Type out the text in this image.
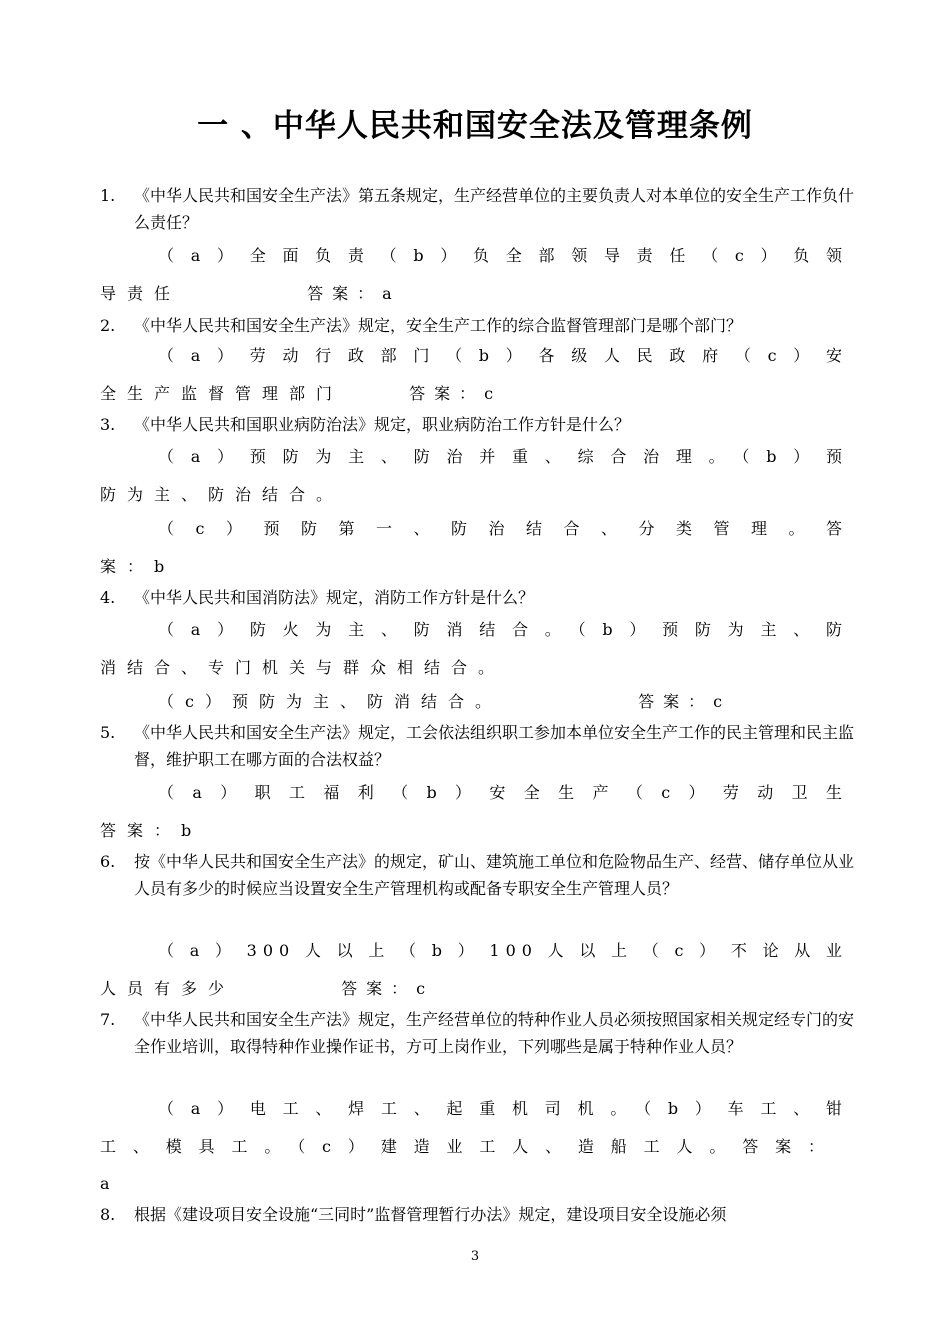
一 、中华人民共和国安全法及管理条例
1. 《中华人民共和国安全生产法》第五条规定，生产经营单位的主要负责人对本单位的安全生产工作负什么责任？
（a）全面负责（b）负全部领导责任（c）负领
导责任	答案：a
2. 《中华人民共和国安全生产法》规定，安全生产工作的综合监督管理部门是哪个部门？
（a）劳动行政部门（b）各级人民政府（c）安
全生产监督管理部门	答案：c
3. 《中华人民共和国职业病防治法》规定，职业病防治工作方针是什么？
（a）预防为主、防治并重、综合治理。（b）预
防为主、防治结合。
（c）预防第一、防治结合、分类管理。答
案：b
4. 《中华人民共和国消防法》规定，消防工作方针是什么？
（a）防火为主、防消结合。（b）预防为主、防
消结合、专门机关与群众相结合。
（c）预防为主、防消结合。	答案：c
5. 《中华人民共和国安全生产法》规定，工会依法组织职工参加本单位安全生产工作的民主管理和民主监督，维护职工在哪方面的合法权益？
（a）职工福利（b）安全生产（c）劳动卫生
答案：b
6. 按《中华人民共和国安全生产法》的规定，矿山、建筑施工单位和危险物品生产、经营、储存单位从业人员有多少的时候应当设置安全生产管理机构或配备专职安全生产管理人员？
（a）300人以上（b）100人以上（c）不论从业
人员有多少	答案：c
7. 《中华人民共和国安全生产法》规定，生产经营单位的特种作业人员必须按照国家相关规定经专门的安全作业培训，取得特种作业操作证书，方可上岗作业，下列哪些是属于特种作业人员？
（a）电工、焊工、起重机司机。（b）车工、钳
工、模具工。（c）建造业工人、造船工人。答案：
a
8. 根据《建设项目安全设施“三同时”监督管理暂行办法》规定，建设项目安全设施必须
3
